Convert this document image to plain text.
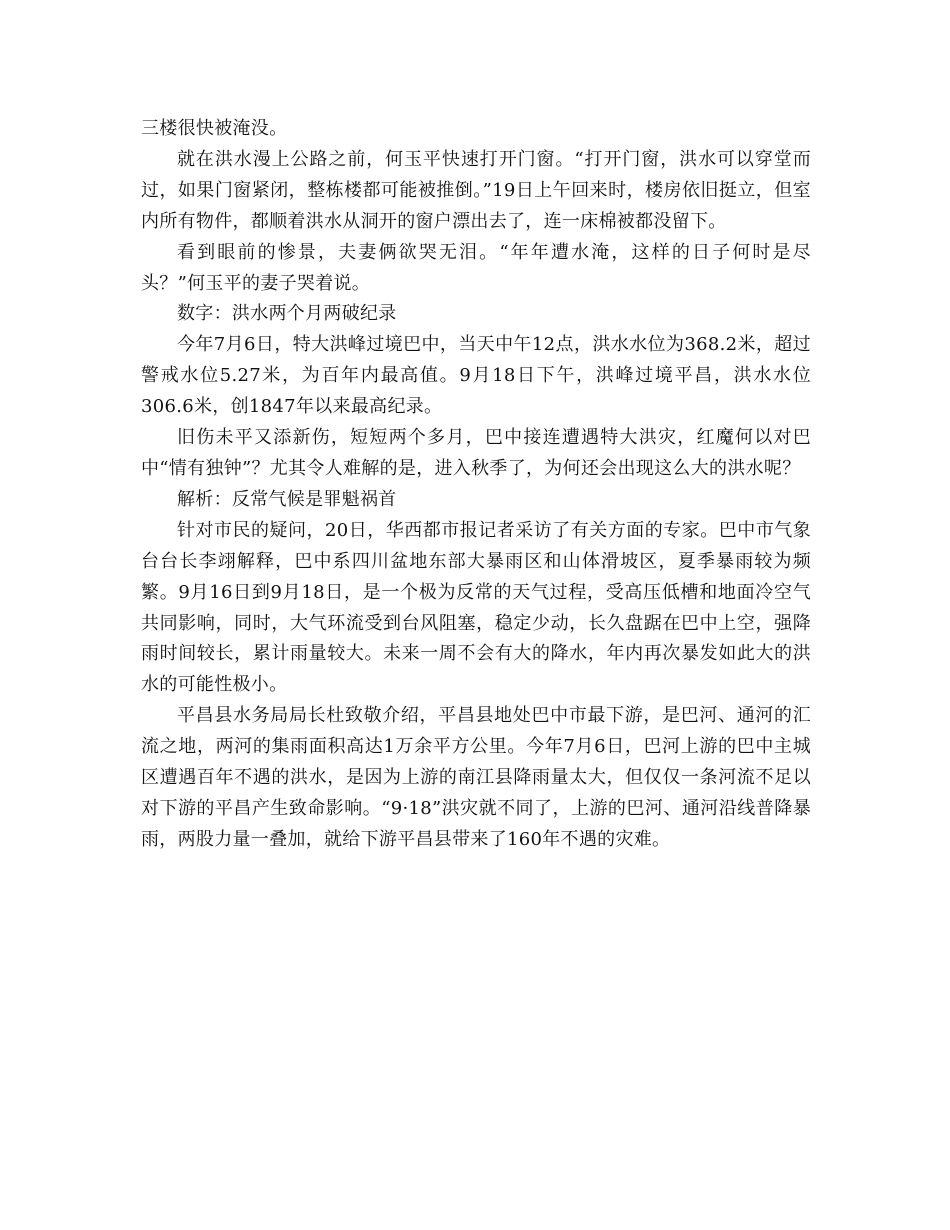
三楼很快被淹没。

就在洪水漫上公路之前，何玉平快速打开门窗。“打开门窗，洪水可以穿堂而过，如果门窗紧闭，整栋楼都可能被推倒。”19日上午回来时，楼房依旧挺立，但室内所有物件，都顺着洪水从洞开的窗户漂出去了，连一床棉被都没留下。

看到眼前的惨景，夫妻俩欲哭无泪。“年年遭水淹，这样的日子何时是尽头？”何玉平的妻子哭着说。

数字：洪水两个月两破纪录

今年7月6日，特大洪峰过境巴中，当天中午12点，洪水水位为368.2米，超过警戒水位5.27米，为百年内最高值。9月18日下午，洪峰过境平昌，洪水水位306.6米，创1847年以来最高纪录。

旧伤未平又添新伤，短短两个多月，巴中接连遭遇特大洪灾，红魔何以对巴中“情有独钟”？尤其令人难解的是，进入秋季了，为何还会出现这么大的洪水呢？

解析：反常气候是罪魁祸首

针对市民的疑问，20日，华西都市报记者采访了有关方面的专家。巴中市气象台台长李翊解释，巴中系四川盆地东部大暴雨区和山体滑坡区，夏季暴雨较为频繁。9月16日到9月18日，是一个极为反常的天气过程，受高压低槽和地面冷空气共同影响，同时，大气环流受到台风阻塞，稳定少动，长久盘踞在巴中上空，强降雨时间较长，累计雨量较大。未来一周不会有大的降水，年内再次暴发如此大的洪水的可能性极小。

平昌县水务局局长杜致敬介绍，平昌县地处巴中市最下游，是巴河、通河的汇流之地，两河的集雨面积高达1万余平方公里。今年7月6日，巴河上游的巴中主城区遭遇百年不遇的洪水，是因为上游的南江县降雨量太大，但仅仅一条河流不足以对下游的平昌产生致命影响。“9·18”洪灾就不同了，上游的巴河、通河沿线普降暴雨，两股力量一叠加，就给下游平昌县带来了160年不遇的灾难。
